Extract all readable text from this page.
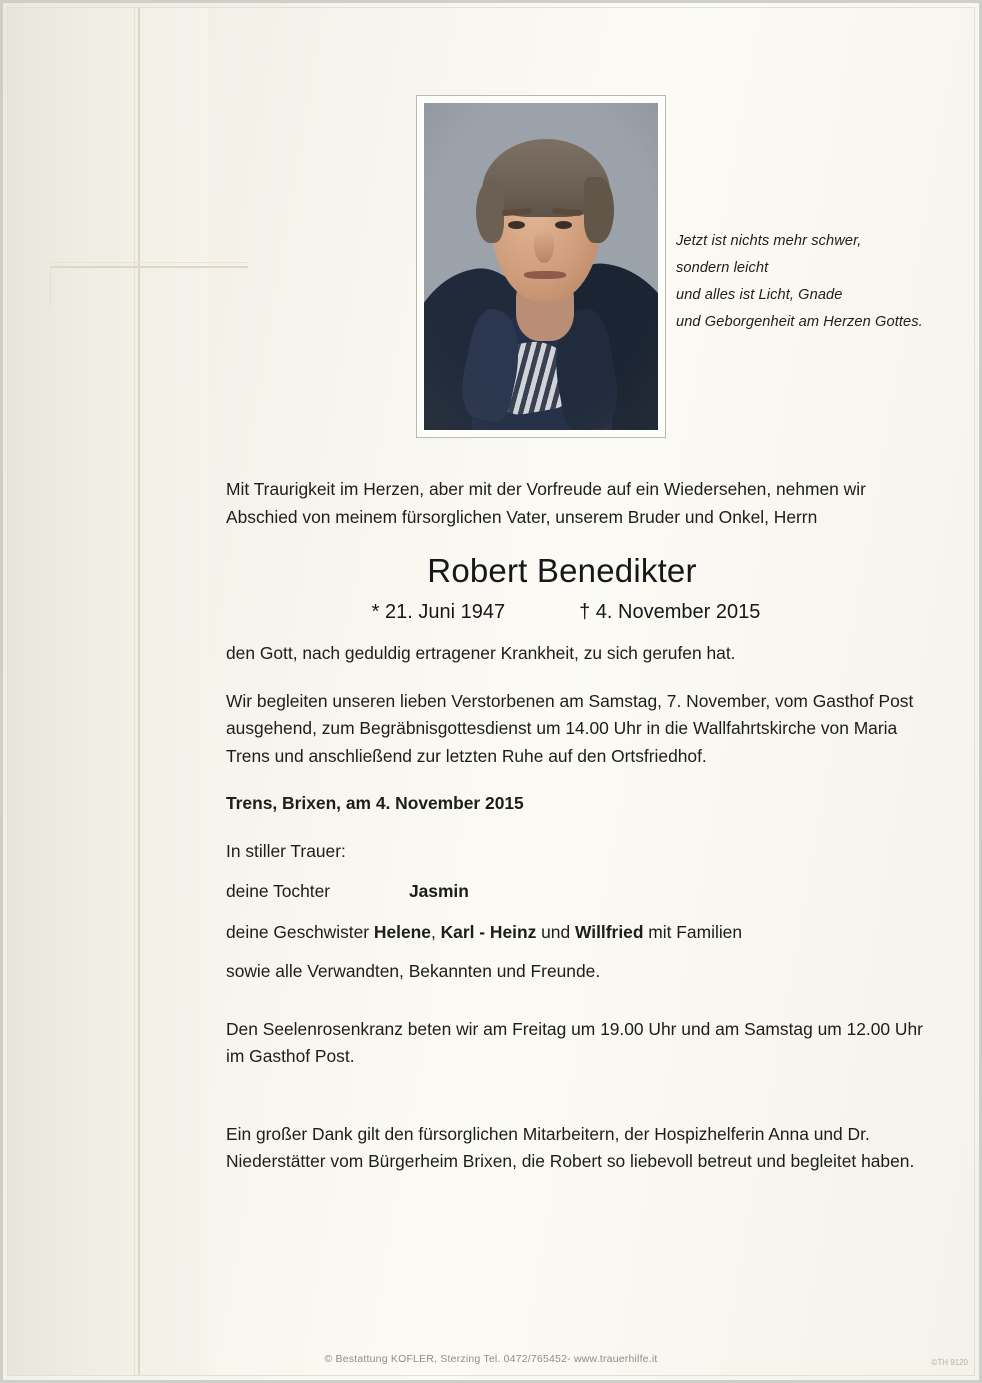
Jetzt ist nichts mehr schwer,
sondern leicht
und alles ist Licht, Gnade
und Geborgenheit am Herzen Gottes.

Mit Traurigkeit im Herzen, aber mit der Vorfreude auf ein Wiedersehen, nehmen wir Abschied von meinem fürsorglichen Vater, unserem Bruder und Onkel, Herrn

Robert Benedikter
* 21. Juni 1947	† 4. November 2015

den Gott, nach geduldig ertragener Krankheit, zu sich gerufen hat.

Wir begleiten unseren lieben Verstorbenen am Samstag, 7. November, vom Gasthof Post ausgehend, zum Begräbnisgottesdienst um 14.00 Uhr in die Wallfahrtskirche von Maria Trens und anschließend zur letzten Ruhe auf den Ortsfriedhof.

Trens, Brixen, am 4. November 2015

In stiller Trauer:

deine Tochter	Jasmin
deine Geschwister Helene, Karl - Heinz und Willfried mit Familien

sowie alle Verwandten, Bekannten und Freunde.

Den Seelenrosenkranz beten wir am Freitag um 19.00 Uhr und am Samstag um 12.00 Uhr im Gasthof Post.

Ein großer Dank gilt den fürsorglichen Mitarbeitern, der Hospizhelferin Anna und Dr. Niederstätter vom Bürgerheim Brixen, die Robert so liebevoll betreut und begleitet haben.

© Bestattung KOFLER, Sterzing Tel. 0472/765452- www.trauerhilfe.it	©TH 9120
